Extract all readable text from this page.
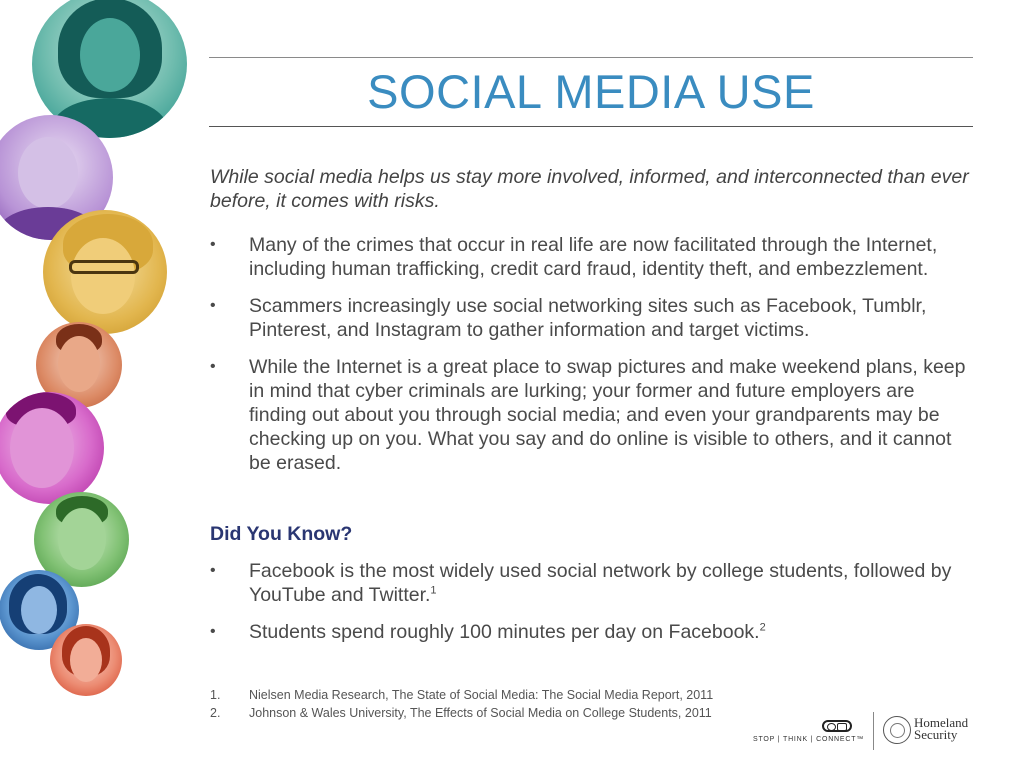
SOCIAL MEDIA USE
While social media helps us stay more involved, informed, and interconnected than ever before, it comes with risks.
• Many of the crimes that occur in real life are now facilitated through the Internet, including human trafficking, credit card fraud, identity theft, and embezzlement.
• Scammers increasingly use social networking sites such as Facebook, Tumblr, Pinterest, and Instagram to gather information and target victims.
• While the Internet is a great place to swap pictures and make weekend plans, keep in mind that cyber criminals are lurking; your former and future employers are finding out about you through social media; and even your grandparents may be checking up on you. What you say and do online is visible to others, and it cannot be erased.
Did You Know?
• Facebook is the most widely used social network by college students, followed by YouTube and Twitter.$^1$
• Students spend roughly 100 minutes per day on Facebook.$^2$
1. Nielsen Media Research, The State of Social Media: The Social Media Report, 2011
2. Johnson & Wales University, The Effects of Social Media on College Students, 2011
STOP | THINK | CONNECT™
Homeland
Security
